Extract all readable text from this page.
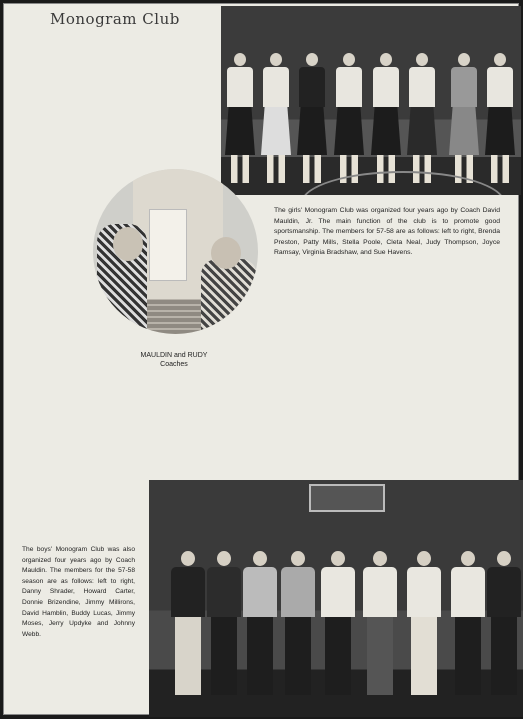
Monogram Club
The girls' Monogram Club was organized four years ago by Coach David Mauldin, Jr. The main function of the club is to promote good sportsmanship. The members for 57-58 are as follows: left to right, Brenda Preston, Patty Mills, Stella Poole, Cleta Neal, Judy Thompson, Joyce Ramsay, Virginia Bradshaw, and Sue Havens.
MAULDIN and RUDY
Coaches
The boys' Monogram Club was also organized four years ago by Coach Mauldin. The members for the 57-58 season are as follows: left to right, Danny Shrader, Howard Carter, Donnie Brizendine, Jimmy Millirons, David Hamblin, Buddy Lucas, Jimmy Moses, Jerry Updyke and Johnny Webb.
